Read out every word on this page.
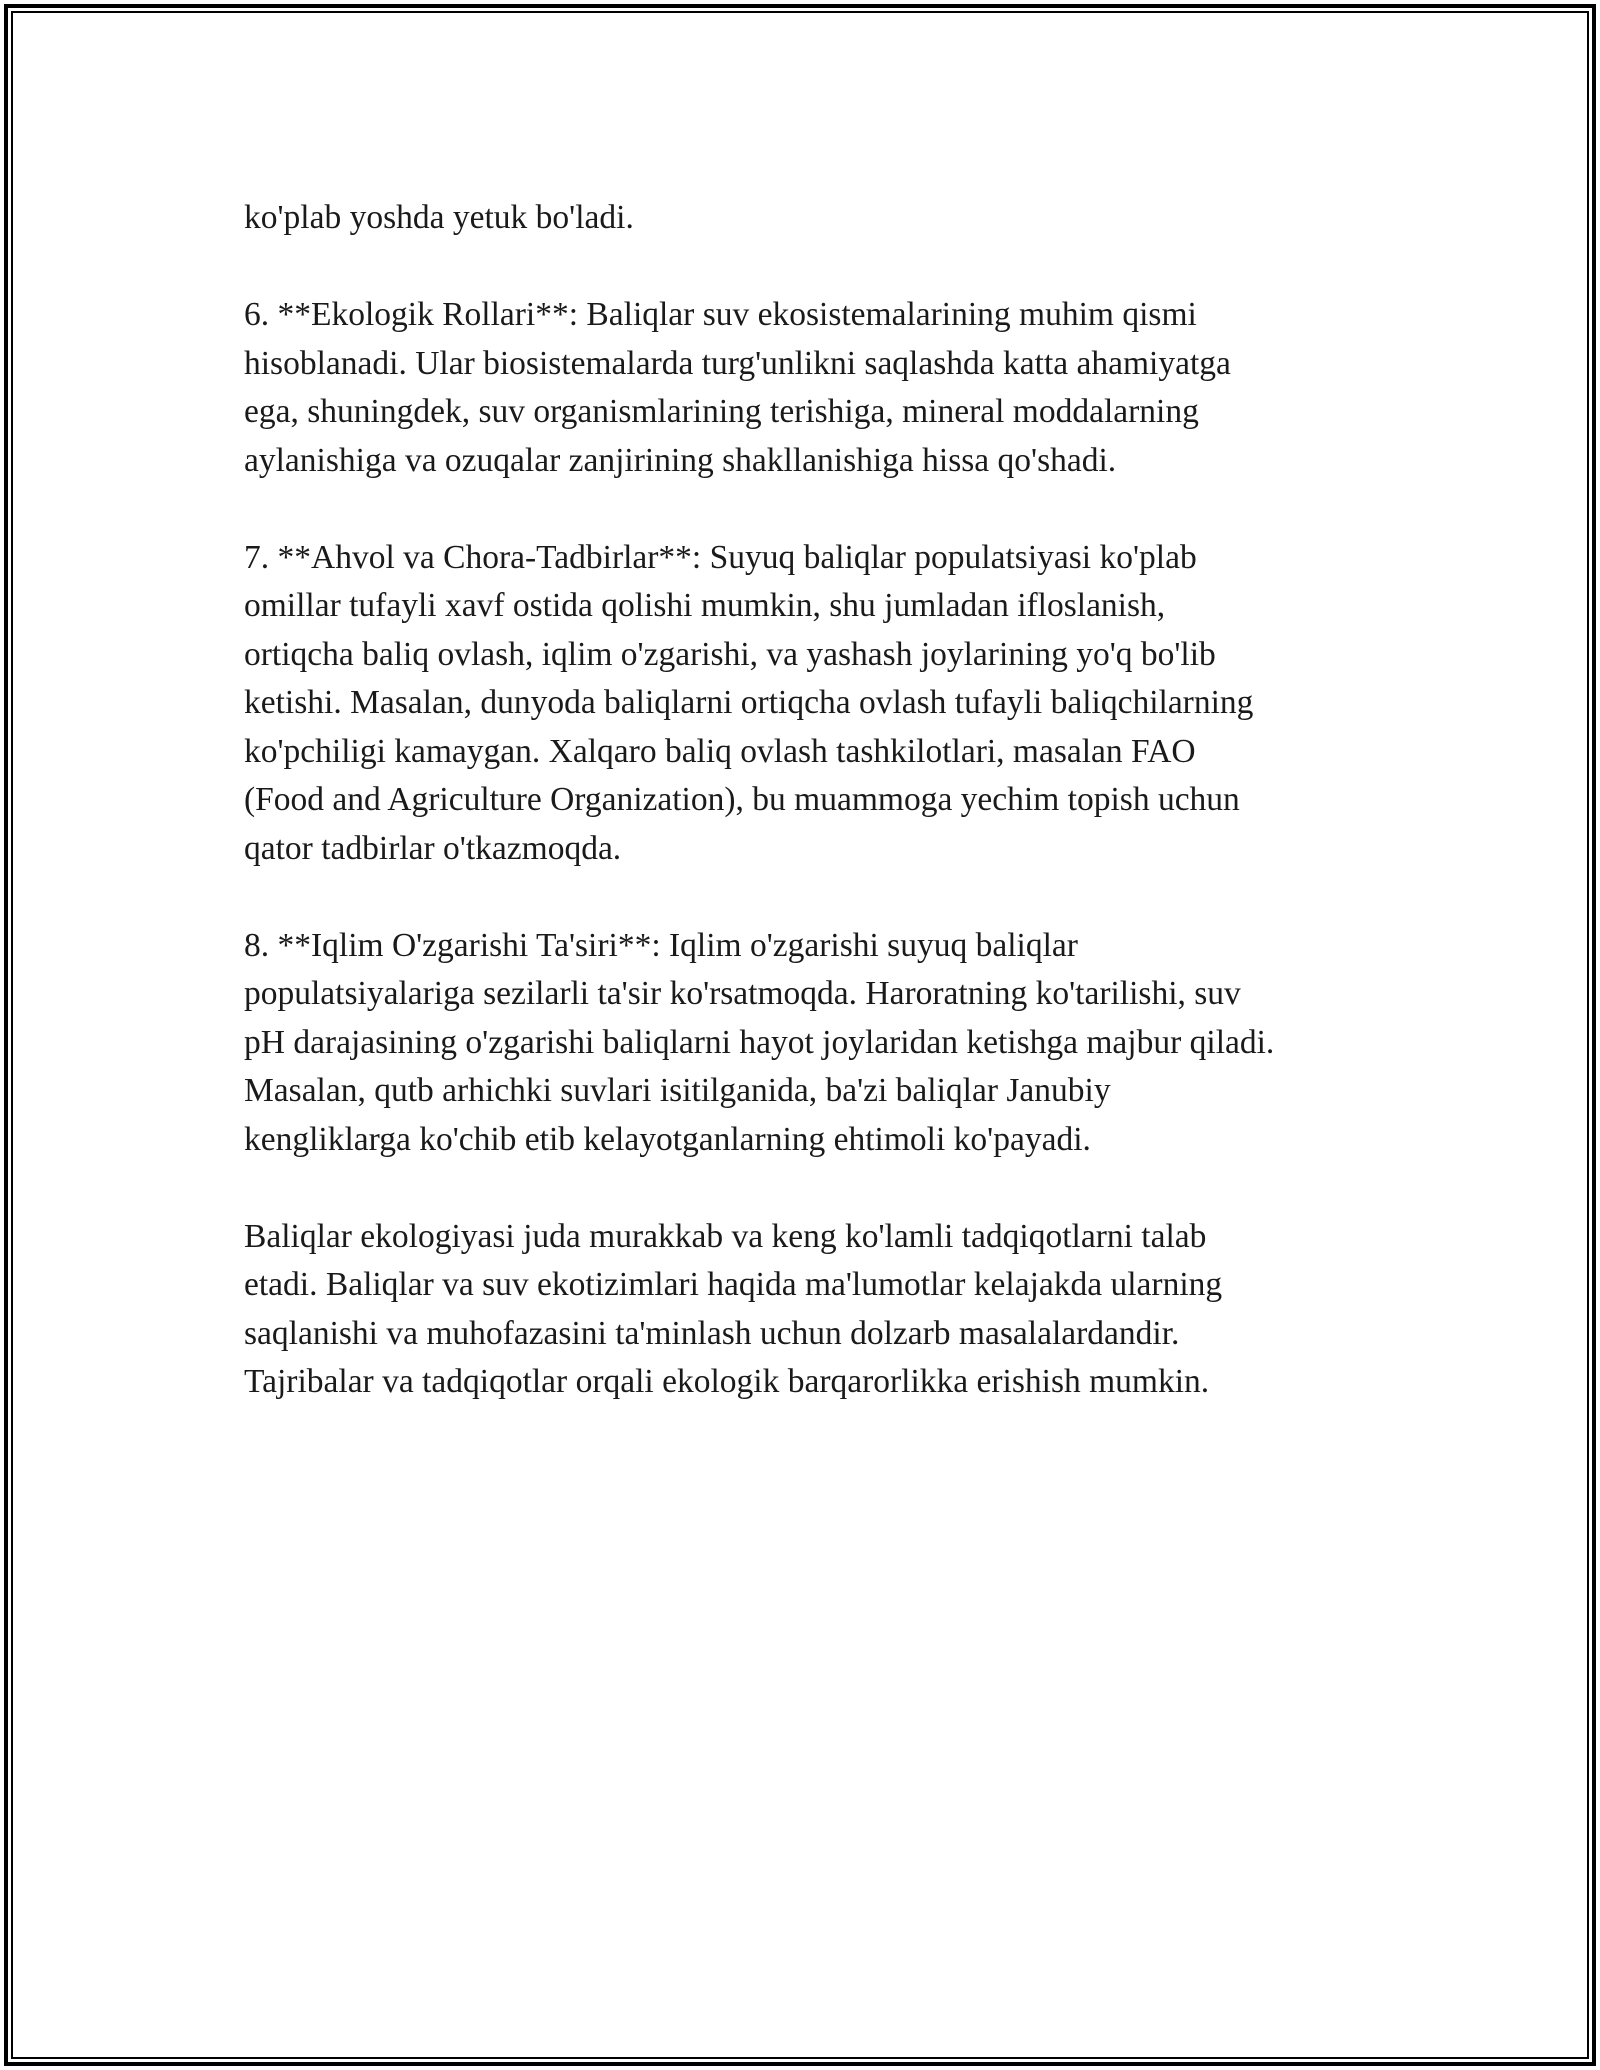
ko'plab yoshda yetuk bo'ladi.

6. **Ekologik Rollari**: Baliqlar suv ekosistemalarining muhim qismi
hisoblanadi. Ular biosistemalarda turg'unlikni saqlashda katta ahamiyatga
ega, shuningdek, suv organismlarining terishiga, mineral moddalarning
aylanishiga va ozuqalar zanjirining shakllanishiga hissa qo'shadi.

7. **Ahvol va Chora-Tadbirlar**: Suyuq baliqlar populatsiyasi ko'plab
omillar tufayli xavf ostida qolishi mumkin, shu jumladan ifloslanish,
ortiqcha baliq ovlash, iqlim o'zgarishi, va yashash joylarining yo'q bo'lib
ketishi. Masalan, dunyoda baliqlarni ortiqcha ovlash tufayli baliqchilarning
ko'pchiligi kamaygan. Xalqaro baliq ovlash tashkilotlari, masalan FAO
(Food and Agriculture Organization), bu muammoga yechim topish uchun
qator tadbirlar o'tkazmoqda.

8. **Iqlim O'zgarishi Ta'siri**: Iqlim o'zgarishi suyuq baliqlar
populatsiyalariga sezilarli ta'sir ko'rsatmoqda. Haroratning ko'tarilishi, suv
pH darajasining o'zgarishi baliqlarni hayot joylaridan ketishga majbur qiladi.
Masalan, qutb arhichki suvlari isitilganida, ba'zi baliqlar Janubiy
kengliklarga ko'chib etib kelayotganlarning ehtimoli ko'payadi.

Baliqlar ekologiyasi juda murakkab va keng ko'lamli tadqiqotlarni talab
etadi. Baliqlar va suv ekotizimlari haqida ma'lumotlar kelajakda ularning
saqlanishi va muhofazasini ta'minlash uchun dolzarb masalalardandir.
Tajribalar va tadqiqotlar orqali ekologik barqarorlikka erishish mumkin.
